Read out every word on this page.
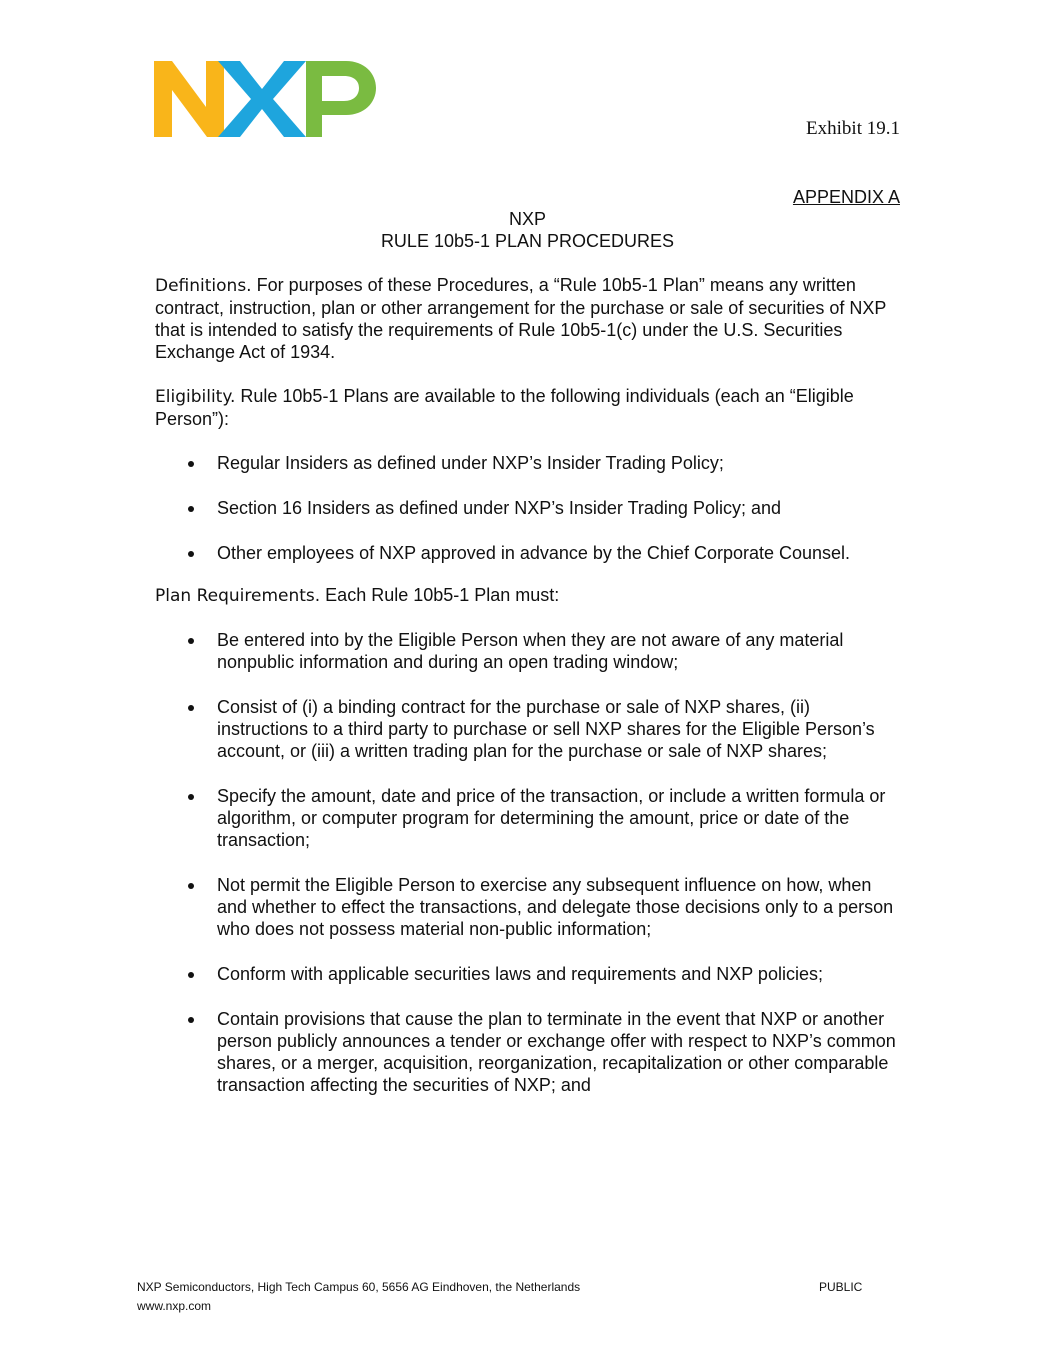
Exhibit 19.1
APPENDIX A
NXP
RULE 10b5-1 PLAN PROCEDURES

Definitions. For purposes of these Procedures, a “Rule 10b5-1 Plan” means any written contract, instruction, plan or other arrangement for the purchase or sale of securities of NXP that is intended to satisfy the requirements of Rule 10b5-1(c) under the U.S. Securities Exchange Act of 1934.

Eligibility. Rule 10b5-1 Plans are available to the following individuals (each an “Eligible Person”):

Regular Insiders as defined under NXP’s Insider Trading Policy;
Section 16 Insiders as defined under NXP’s Insider Trading Policy; and
Other employees of NXP approved in advance by the Chief Corporate Counsel.

Plan Requirements. Each Rule 10b5-1 Plan must:

Be entered into by the Eligible Person when they are not aware of any material nonpublic information and during an open trading window;
Consist of (i) a binding contract for the purchase or sale of NXP shares, (ii) instructions to a third party to purchase or sell NXP shares for the Eligible Person’s account, or (iii) a written trading plan for the purchase or sale of NXP shares;
Specify the amount, date and price of the transaction, or include a written formula or algorithm, or computer program for determining the amount, price or date of the transaction;
Not permit the Eligible Person to exercise any subsequent influence on how, when and whether to effect the transactions, and delegate those decisions only to a person who does not possess material non-public information;
Conform with applicable securities laws and requirements and NXP policies;
Contain provisions that cause the plan to terminate in the event that NXP or another person publicly announces a tender or exchange offer with respect to NXP’s common shares, or a merger, acquisition, reorganization, recapitalization or other comparable transaction affecting the securities of NXP; and
NXP Semiconductors, High Tech Campus 60, 5656 AG Eindhoven, the Netherlands
www.nxp.com
PUBLIC
